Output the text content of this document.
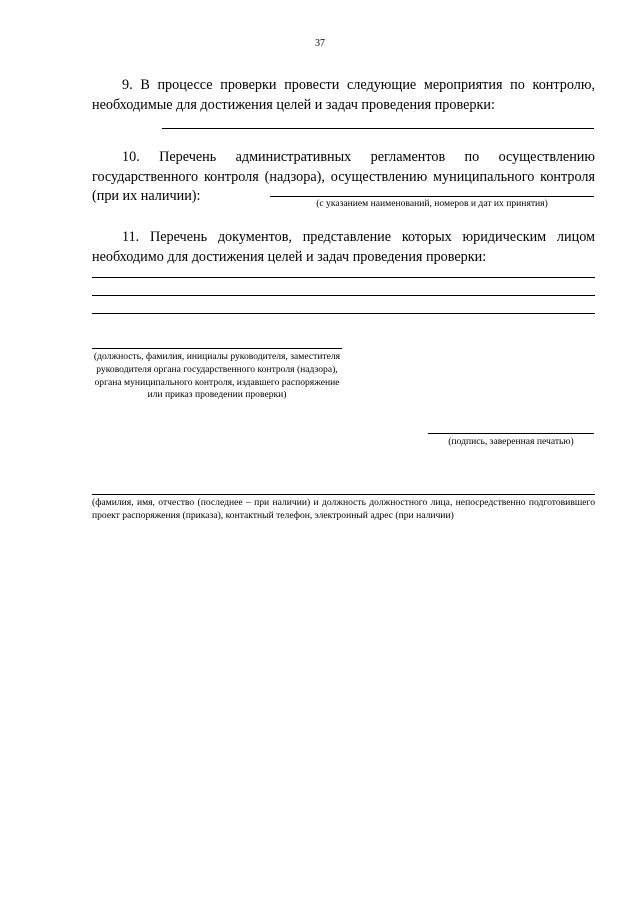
37
9. В процессе проверки провести следующие мероприятия по контролю, необходимые для достижения целей и задач проведения проверки:
10. Перечень административных регламентов по осуществлению государственного контроля (надзора), осуществлению муниципального контроля (при их наличии):	(с указанием наименований, номеров и дат их принятия)
11. Перечень документов, представление которых юридическим лицом необходимо для достижения целей и задач проведения проверки:
(должность, фамилия, инициалы руководителя, заместителя руководителя органа государственного контроля (надзора), органа муниципального контроля, издавшего распоряжение или приказ проведении проверки)
(подпись, заверенная печатью)
(фамилия, имя, отчество (последнее – при наличии) и должность должностного лица, непосредственно подготовившего проект распоряжения (приказа), контактный телефон, электронный адрес (при наличии)
